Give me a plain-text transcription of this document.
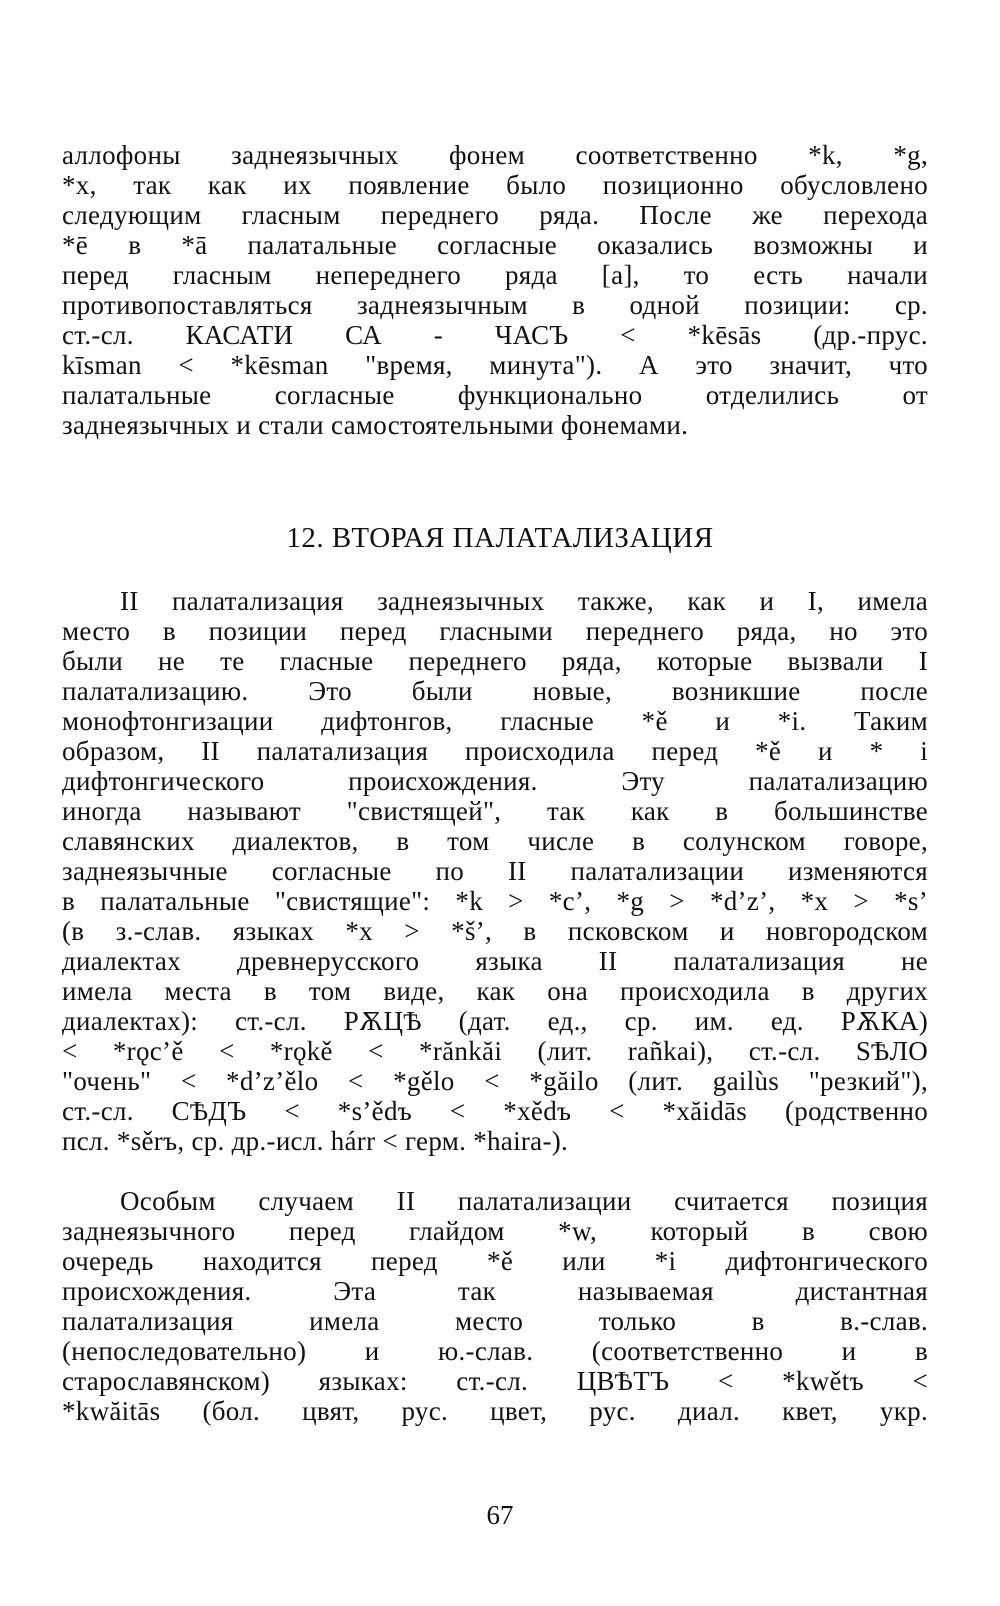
аллофоны заднеязычных фонем соответственно *k, *g,
*x, так как их появление было позиционно обусловлено
следующим гласным переднего ряда. После же перехода
*ē в *ā палатальные согласные оказались возможны и
перед гласным непереднего ряда [a], то есть начали
противопоставляться заднеязычным в одной позиции: ср.
ст.-сл. КАСАТИ СА - ЧАСЪ < *kēsās (др.-прус.
kīsman < *kēsman "время, минута"). А это значит, что
палатальные согласные функционально отделились от
заднеязычных и стали самостоятельными фонемами.
12. ВТОРАЯ ПАЛАТАЛИЗАЦИЯ
II палатализация заднеязычных также, как и I, имела
место в позиции перед гласными переднего ряда, но это
были не те гласные переднего ряда, которые вызвали I
палатализацию. Это были новые, возникшие после
монофтонгизации дифтонгов, гласные *ě и *i. Таким
образом, II палатализация происходила перед *ě и * i
дифтонгического происхождения. Эту палатализацию
иногда называют "свистящей", так как в большинстве
славянских диалектов, в том числе в солунском говоре,
заднеязычные согласные по II палатализации изменяются
в палатальные "свистящие": *k > *c’, *g > *d’z’, *x > *s’
(в з.-слав. языках *x > *š’, в псковском и новгородском
диалектах древнерусского языка II палатализация не
имела места в том виде, как она происходила в других
диалектах): ст.-сл. РѪЦѢ (дат. ед., ср. им. ед. РѪКА)
< *rǫc’ě < *rǫkě < *rănkăi (лит. rañkai), ст.-сл. ЅѢЛО
"очень" < *d’z’ělo < *gělo < *găilo (лит. gailùs "резкий"),
ст.-сл. СѢДЪ < *s’ědъ < *xědъ < *xăidās (родственно
псл. *sěrъ, ср. др.-исл. hárr < герм. *haira-).
Особым случаем II палатализации считается позиция
заднеязычного перед глайдом *w, который в свою
очередь находится перед *ě или *i дифтонгического
происхождения. Эта так называемая дистантная
палатализация имела место только в в.-слав.
(непоследовательно) и ю.-слав. (соответственно и в
старославянском) языках: ст.-сл. ЦВѢТЪ < *kwětъ <
*kwăitās (бол. цвят, рус. цвет, рус. диал. квет, укр.
67
